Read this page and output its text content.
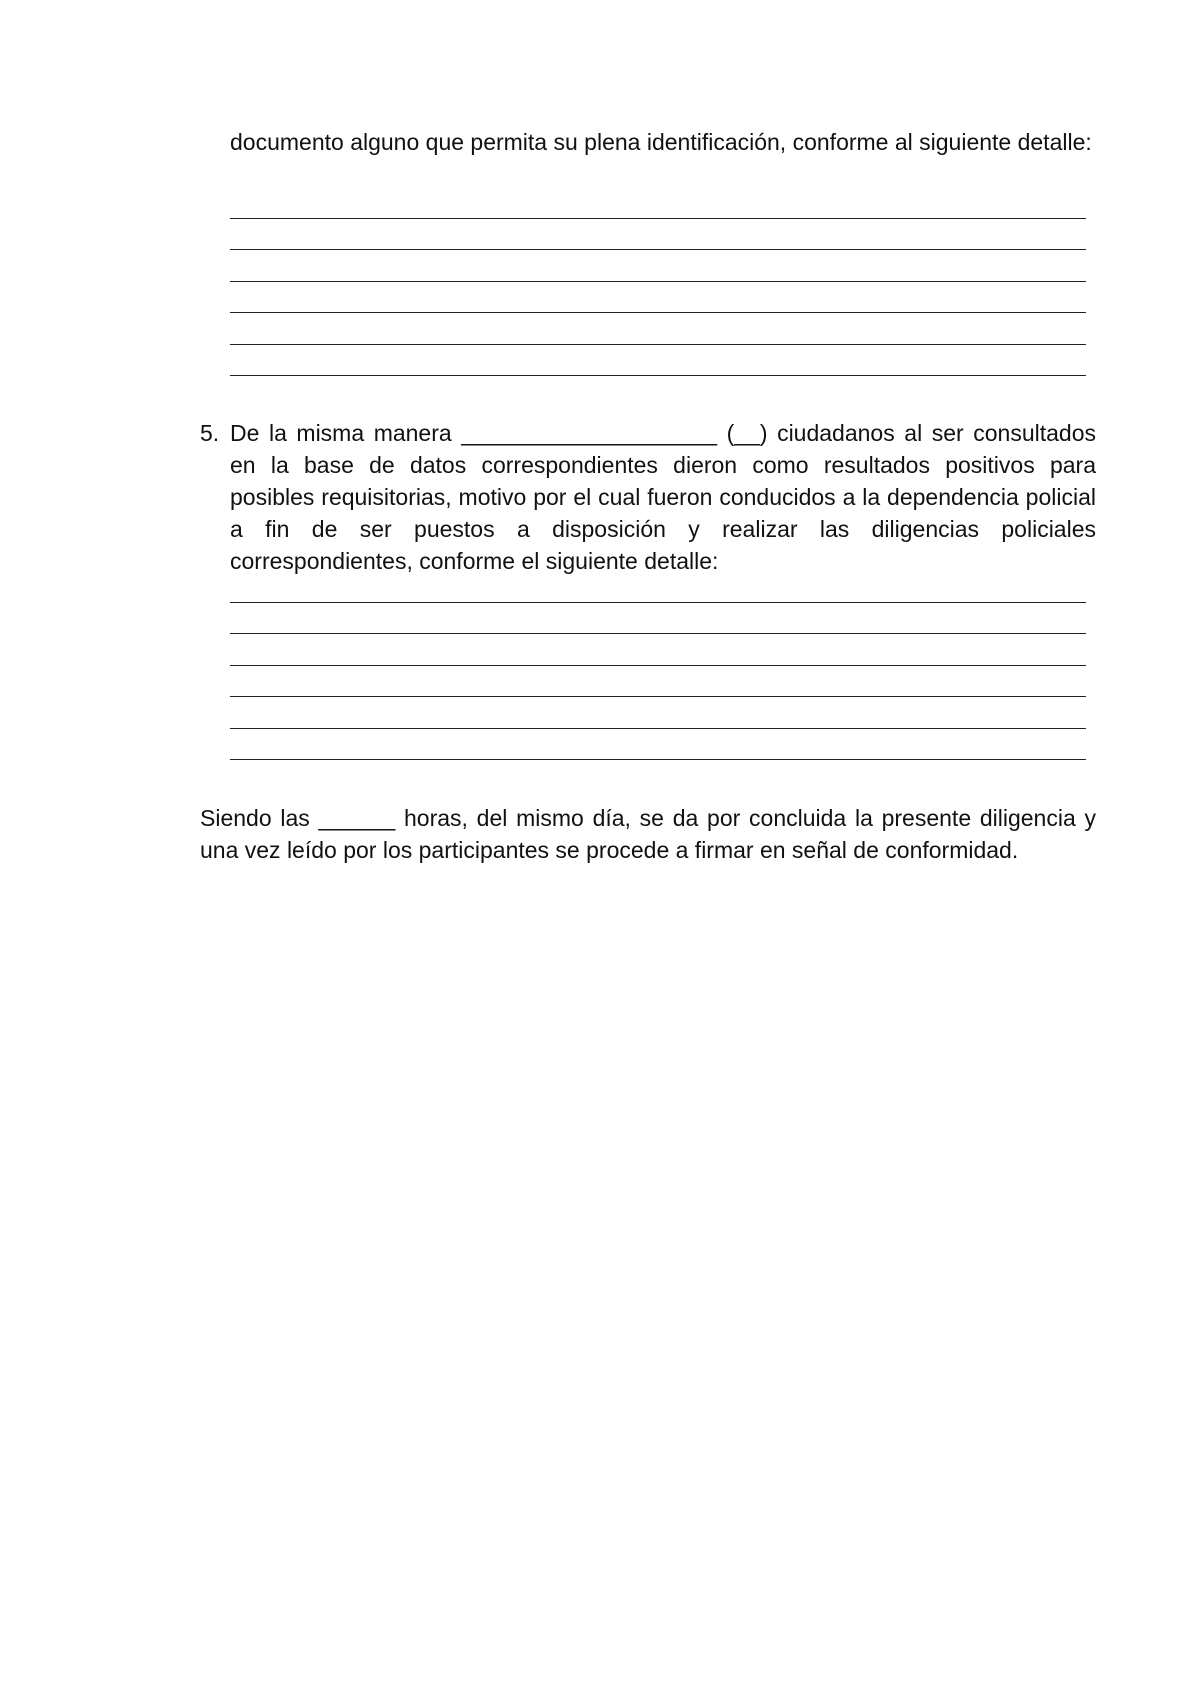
documento alguno que permita su plena identificación, conforme al siguiente detalle:

5. De la misma manera ____________________ (__) ciudadanos al ser consultados en la base de datos correspondientes dieron como resultados positivos para posibles requisitorias, motivo por el cual fueron conducidos a la dependencia policial a fin de ser puestos a disposición y realizar las diligencias policiales correspondientes, conforme el siguiente detalle:

Siendo las ______ horas, del mismo día, se da por concluida la presente diligencia y una vez leído por los participantes se procede a firmar en señal de conformidad.
